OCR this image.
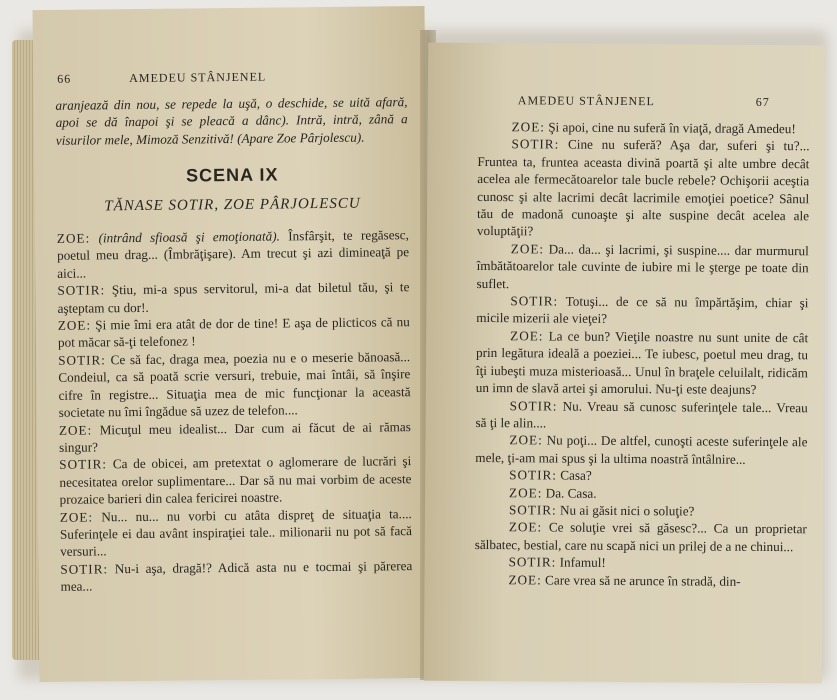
66	AMEDEU STÂNJENEL

aranjează din nou, se repede la uşă, o deschide, se uită afară, apoi se dă înapoi şi se pleacă a dânc). Intră, intră, zână a visurilor mele, Mimoză Senzitivă! (Apare Zoe Pârjolescu).

SCENA IX
TĂNASE SOTIR, ZOE PÂRJOLESCU

ZOE: (intrând sfioasă şi emoţionată). Însfârşit, te regăsesc, poetul meu drag... (Îmbrăţişare). Am trecut şi azi dimineaţă pe aici...

SOTIR: Ştiu, mi-a spus servitorul, mi-a dat biletul tău, şi te aşteptam cu dor!.

ZOE: Şi mie îmi era atât de dor de tine! E aşa de plicticos că nu pot măcar să-ţi telefonez !

SOTIR: Ce să fac, draga mea, poezia nu e o meserie bănoasă... Condeiul, ca să poată scrie versuri, trebuie, mai întâi, să înşire cifre în registre... Situaţia mea de mic funcţionar la această societate nu îmi îngădue să uzez de telefon....

ZOE: Micuţul meu idealist... Dar cum ai făcut de ai rămas singur?

SOTIR: Ca de obicei, am pretextat o aglomerare de lucrări şi necesitatea orelor suplimentare... Dar să nu mai vorbim de aceste prozaice barieri din calea fericirei noastre.

ZOE: Nu... nu... nu vorbi cu atâta dispreţ de situaţia ta.... Suferinţele ei dau avânt inspiraţiei tale.. milionarii nu pot să facă versuri...

SOTIR: Nu-i aşa, dragă!? Adică asta nu e tocmai şi părerea mea...

AMEDEU STÂNJENEL	67

ZOE: Şi apoi, cine nu suferă în viaţă, dragă Amedeu!

SOTIR: Cine nu suferă? Aşa dar, suferi şi tu?... Fruntea ta, fruntea aceasta divină poartă şi alte umbre decât acelea ale fermecătoarelor tale bucle rebele? Ochişorii aceştia cunosc şi alte lacrimi decât lacrimile emoţiei poetice? Sânul tău de madonă cunoaşte şi alte suspine decât acelea ale voluptăţii?

ZOE: Da... da... şi lacrimi, şi suspine.... dar murmurul îmbătătoarelor tale cuvinte de iubire mi le şterge pe toate din suflet.

SOTIR: Totuşi... de ce să nu împărtăşim, chiar şi micile mizerii ale vieţei?

ZOE: La ce bun? Vieţile noastre nu sunt unite de cât prin legătura ideală a poeziei... Te iubesc, poetul meu drag, tu îţi iubeşti muza misterioasă... Unul în braţele celuilalt, ridicăm un imn de slavă artei şi amorului. Nu-ţi este deajuns?

SOTIR: Nu. Vreau să cunosc suferinţele tale... Vreau să ţi le alin....

ZOE: Nu poţi... De altfel, cunoşti aceste suferinţele ale mele, ţi-am mai spus şi la ultima noastră întâlnire...

SOTIR: Casa?

ZOE: Da. Casa.

SOTIR: Nu ai găsit nici o soluţie?

ZOE: Ce soluţie vrei să găsesc?... Ca un proprietar sălbatec, bestial, care nu scapă nici un prilej de a ne chinui...

SOTIR: Infamul!

ZOE: Care vrea să ne arunce în stradă, din-
